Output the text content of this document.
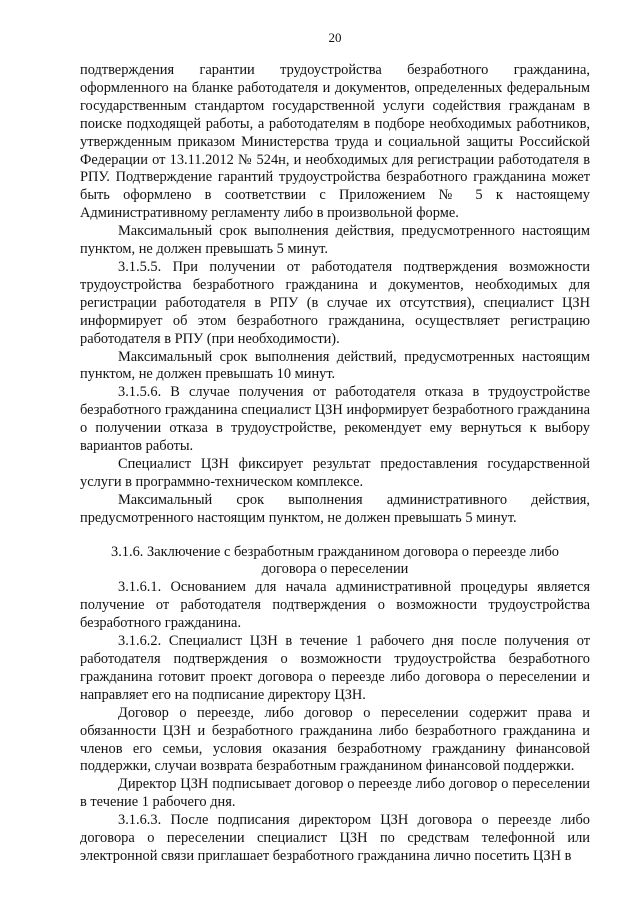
20

подтверждения гарантии трудоустройства безработного гражданина, оформленного на бланке работодателя и документов, определенных федеральным государственным стандартом государственной услуги содействия гражданам в поиске подходящей работы, а работодателям в подборе необходимых работников, утвержденным приказом Министерства труда и социальной защиты Российской Федерации от 13.11.2012 № 524н, и необходимых для регистрации работодателя в РПУ. Подтверждение гарантий трудоустройства безработного гражданина может быть оформлено в соответствии с Приложением № 5 к настоящему Административному регламенту либо в произвольной форме.

Максимальный срок выполнения действия, предусмотренного настоящим пунктом, не должен превышать 5 минут.

3.1.5.5. При получении от работодателя подтверждения возможности трудоустройства безработного гражданина и документов, необходимых для регистрации работодателя в РПУ (в случае их отсутствия), специалист ЦЗН информирует об этом безработного гражданина, осуществляет регистрацию работодателя в РПУ (при необходимости).

Максимальный срок выполнения действий, предусмотренных настоящим пунктом, не должен превышать 10 минут.

3.1.5.6. В случае получения от работодателя отказа в трудоустройстве безработного гражданина специалист ЦЗН информирует безработного гражданина о получении отказа в трудоустройстве, рекомендует ему вернуться к выбору вариантов работы.

Специалист ЦЗН фиксирует результат предоставления государственной услуги в программно-техническом комплексе.

Максимальный срок выполнения административного действия, предусмотренного настоящим пунктом, не должен превышать 5 минут.

3.1.6. Заключение с безработным гражданином договора о переезде либо договора о переселении

3.1.6.1. Основанием для начала административной процедуры является получение от работодателя подтверждения о возможности трудоустройства безработного гражданина.

3.1.6.2. Специалист ЦЗН в течение 1 рабочего дня после получения от работодателя подтверждения о возможности трудоустройства безработного гражданина готовит проект договора о переезде либо договора о переселении и направляет его на подписание директору ЦЗН.

Договор о переезде, либо договор о переселении содержит права и обязанности ЦЗН и безработного гражданина либо безработного гражданина и членов его семьи, условия оказания безработному гражданину финансовой поддержки, случаи возврата безработным гражданином финансовой поддержки.

Директор ЦЗН подписывает договор о переезде либо договор о переселении в течение 1 рабочего дня.

3.1.6.3. После подписания директором ЦЗН договора о переезде либо договора о переселении специалист ЦЗН по средствам телефонной или электронной связи приглашает безработного гражданина лично посетить ЦЗН в
